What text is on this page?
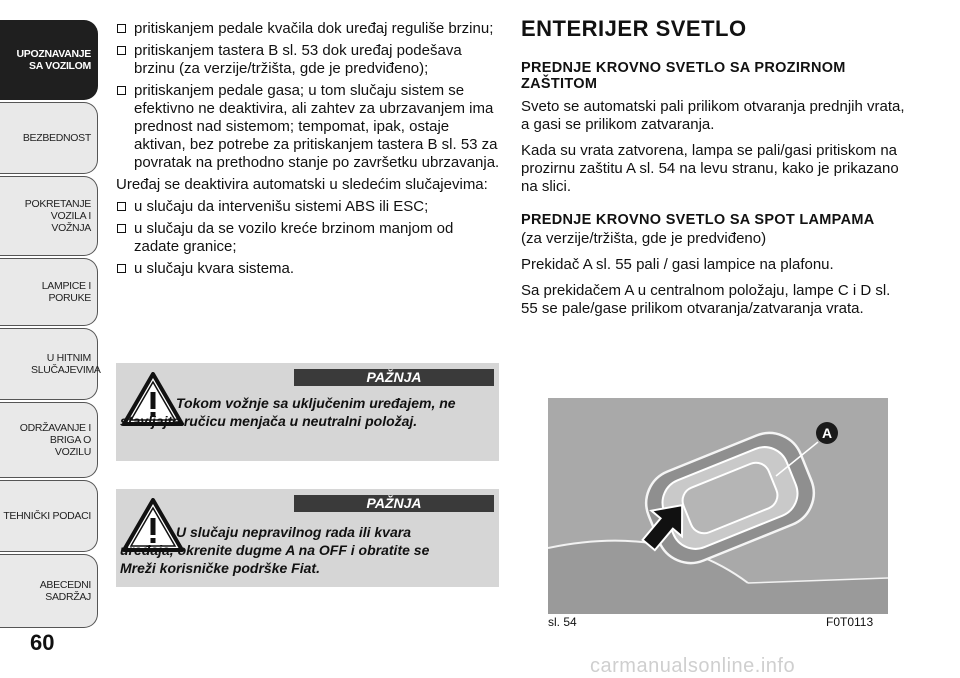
UPOZNAVANJE SA VOZILOM
BEZBEDNOST
POKRETANJE VOZILA I VOŽNJA
LAMPICE I PORUKE
U HITNIM SLUČAJEVIMA
ODRŽAVANJE I BRIGA O VOZILU
TEHNIČKI PODACI
ABECEDNI SADRŽAJ
60
pritiskanjem pedale kvačila dok uređaj reguliše brzinu;
pritiskanjem tastera B sl. 53 dok uređaj podešava brzinu (za verzije/tržišta, gde je predviđeno);
pritiskanjem pedale gasa; u tom slučaju sistem se efektivno ne deaktivira, ali zahtev za ubrzavanjem ima prednost nad sistemom; tempomat, ipak, ostaje aktivan, bez potrebe za pritiskanjem tastera B sl. 53 za povratak na prethodno stanje po završetku ubrzavanja.
Uređaj se deaktivira automatski u sledećim slučajevima:
u slučaju da intervenišu sistemi ABS ili ESC;
u slučaju da se vozilo kreće brzinom manjom od zadate granice;
u slučaju kvara sistema.
PAŽNJA
Tokom vožnje sa uključenim uređajem, ne stavljajte ručicu menjača u neutralni položaj.
PAŽNJA
U slučaju nepravilnog rada ili kvara uređaja, okrenite dugme A na OFF i obratite se Mreži korisničke podrške Fiat.
ENTERIJER SVETLO
PREDNJE KROVNO SVETLO SA PROZIRNOM ZAŠTITOM
Sveto se automatski pali prilikom otvaranja prednjih vrata, a gasi se prilikom zatvaranja.
Kada su vrata zatvorena, lampa se pali/gasi pritiskom na prozirnu zaštitu A sl. 54 na levu stranu, kako je prikazano na slici.
PREDNJE KROVNO SVETLO SA SPOT LAMPAMA
(za verzije/tržišta, gde je predviđeno)
Prekidač A sl. 55 pali / gasi lampice na plafonu.
Sa prekidačem A u centralnom položaju, lampe C i D sl. 55 se pale/gase prilikom otvaranja/zatvaranja vrata.
A
sl. 54	F0T0113
carmanualsonline.info
